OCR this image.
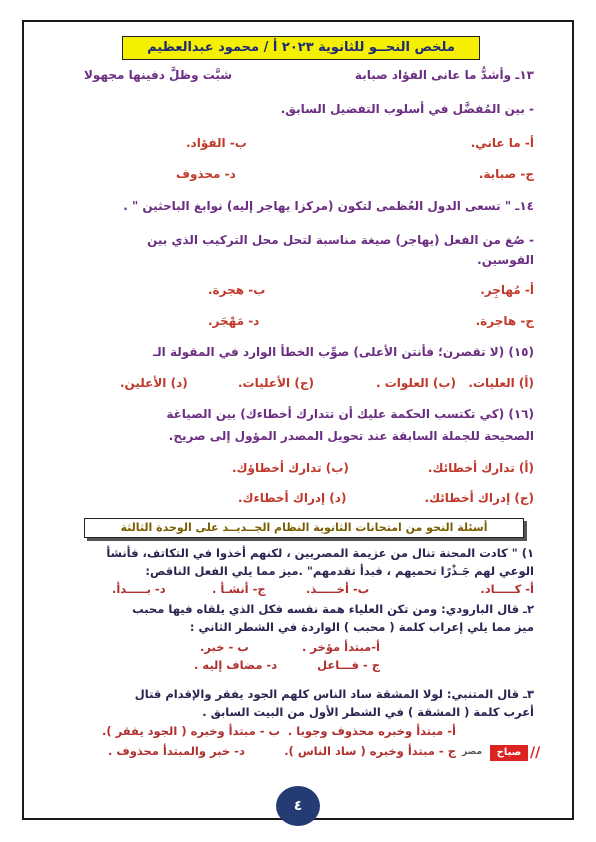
ملخص النحــو للثانوية ٢٠٢٣ أ / محمود عبدالعظيم
١٣ـ وأشدُّ ما عانى الفؤاد صبابة
شبَّت وظلَّ دفينها مجهولا
- بين المُفضَّل في أسلوب التفضيل السابق.
أ- ما عاني.
ب- الفؤاد.
ج- صبابة.
د- محذوف
١٤ـ " تسعى الدول العُظمى لتكون (مركزا يهاجر إليه) نوابغ الباحثين " .
- صُغ من الفعل (يهاجر) صيغة مناسبة لتحل محل التركيب الذي بين
القوسين.
أ- مُهاجِر.
ب- هجرة.
ج- هاجرة.
د- مَهْجَر.
(١٥) (لا تقصرن؛ فأنتن الأعلى) صوِّب الخطأ الوارد في المقولة الـ
(أ) العليات.
(ب) العلوات .
(ج) الأعليات.
(د) الأعلين.
(١٦) (كي تكتسب الحكمة عليك أن تتدارك أخطاءك) بين الصياغة
الصحيحة للجملة السابقة عند تحويل المصدر المؤول إلى صريح.
(أ) تدارك أخطائك.
(ب) تدارك أخطاؤك.
(ج) إدراك أخطائك.
(د) إدراك أخطاءك.
أسئلة النحو من امتحانات الثانوية النظام الجــديــد على الوحدة الثالثة
١) " كادت المحنة تنال من عزيمة المصريين ، لكنهم أخذوا في التكاتف، فأنشأ
الوعي لهم جَـذْرًا تحميهم ، فبدأ تقدمهم" .ميز مما يلي الفعل الناقص:
أ- كـــــاد.
ب- أخـــــذ.
ج- أنشـأ .
د- بـــــدأ.
٢ـ قال البارودي: ومن تكن العلياء همة نفسه فكل الذي يلقاه فيها محبب
ميز مما يلي إعراب كلمة ( محبب ) الواردة في الشطر الثاني :
أ-مبتدأ مؤخر .
ب - خبر.
ج - فـــاعل
د- مضاف إليه .
٣ـ قال المتنبي: لولا المشقة ساد الناس كلهم الجود يفقر والإقدام قتال
أعرب كلمة ( المشقة ) في الشطر الأول من البيت السابق .
أ- مبتدأ وخبره محذوف وجوبا .
ب - مبتدأ وخبره ( الجود يفقر ).
ج - مبتدأ وخبره ( ساد الناس ).
د- خبر والمبتدأ محذوف .	مصر	صباح //
٤
